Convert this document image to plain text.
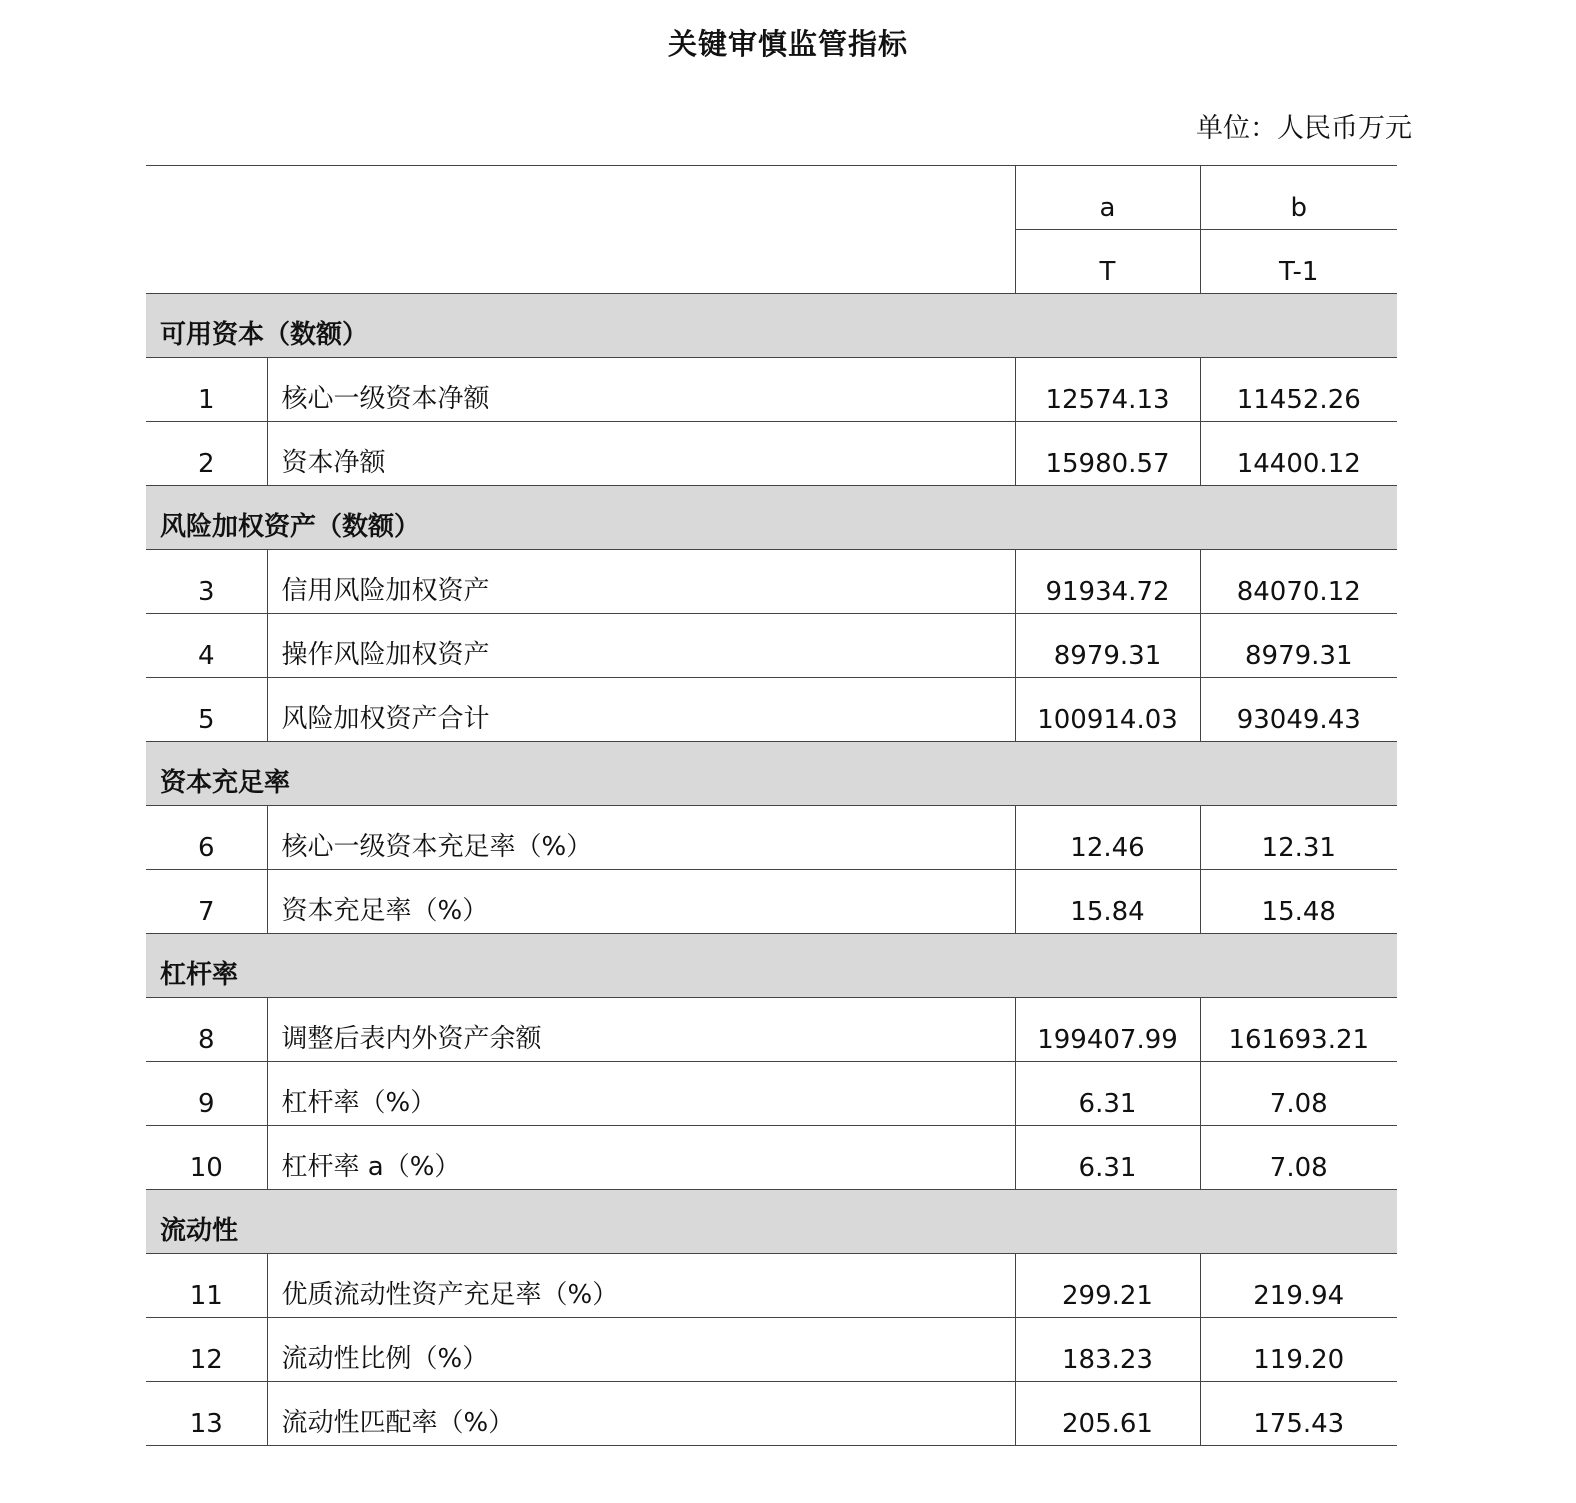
关键审慎监管指标
单位：人民币万元
		a	b
		T	T-1
可用资本（数额）			
1	核心一级资本净额	12574.13	11452.26
2	资本净额	15980.57	14400.12
风险加权资产（数额）			
3	信用风险加权资产	91934.72	84070.12
4	操作风险加权资产	8979.31	8979.31
5	风险加权资产合计	100914.03	93049.43
资本充足率			
6	核心一级资本充足率（%）	12.46	12.31
7	资本充足率（%）	15.84	15.48
杠杆率			
8	调整后表内外资产余额	199407.99	161693.21
9	杠杆率（%）	6.31	7.08
10	杠杆率 a（%）	6.31	7.08
流动性			
11	优质流动性资产充足率（%）	299.21	219.94
12	流动性比例（%）	183.23	119.20
13	流动性匹配率（%）	205.61	175.43
